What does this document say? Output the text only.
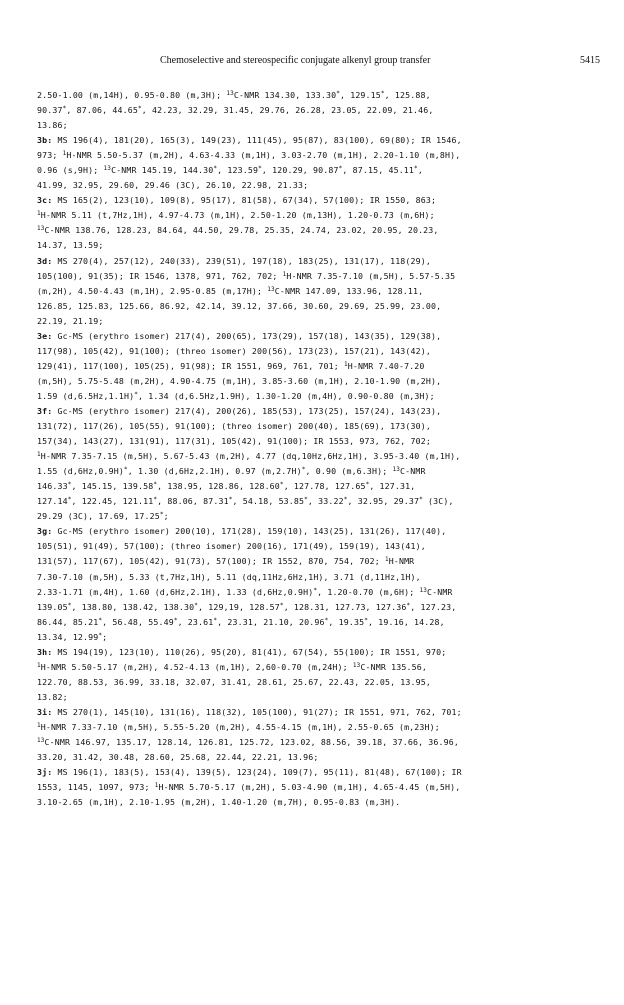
Chemoselective and stereospecific conjugate alkenyl group transfer	5415
2.50-1.00 (m,14H), 0.95-0.80 (m,3H); $^{13}$C-NMR 134.30, 133.30*, 129.15*, 125.88,
90.37*, 87.06, 44.65*, 42.23, 32.29, 31.45, 29.76, 26.28, 23.05, 22.09, 21.46,
13.86;
3b: MS 196(4), 181(20), 165(3), 149(23), 111(45), 95(87), 83(100), 69(80); IR 1546,
973; $^1$H-NMR 5.50-5.37 (m,2H), 4.63-4.33 (m,1H), 3.03-2.70 (m,1H), 2.20-1.10 (m,8H),
0.96 (s,9H); $^{13}$C-NMR 145.19, 144.30*, 123.59*, 120.29, 90.87*, 87.15, 45.11*,
41.99, 32.95, 29.60, 29.46 (3C), 26.10, 22.98, 21.33;
3c: MS 165(2), 123(10), 109(8), 95(17), 81(58), 67(34), 57(100); IR 1550, 863;
$^1$H-NMR 5.11 (t,7Hz,1H), 4.97-4.73 (m,1H), 2.50-1.20 (m,13H), 1.20-0.73 (m,6H);
$^{13}$C-NMR 138.76, 128.23, 84.64, 44.50, 29.78, 25.35, 24.74, 23.02, 20.95, 20.23,
14.37, 13.59;
3d: MS 270(4), 257(12), 240(33), 239(51), 197(18), 183(25), 131(17), 118(29),
105(100), 91(35); IR 1546, 1378, 971, 762, 702; $^1$H-NMR 7.35-7.10 (m,5H), 5.57-5.35
(m,2H), 4.50-4.43 (m,1H), 2.95-0.85 (m,17H); $^{13}$C-NMR 147.09, 133.96, 128.11,
126.85, 125.83, 125.66, 86.92, 42.14, 39.12, 37.66, 30.60, 29.69, 25.99, 23.00,
22.19, 21.19;
3e: Gc-MS (erythro isomer) 217(4), 200(65), 173(29), 157(18), 143(35), 129(38),
117(98), 105(42), 91(100); (threo isomer) 200(56), 173(23), 157(21), 143(42),
129(41), 117(100), 105(25), 91(98); IR 1551, 969, 761, 701; $^1$H-NMR 7.40-7.20
(m,5H), 5.75-5.48 (m,2H), 4.90-4.75 (m,1H), 3.85-3.60 (m,1H), 2.10-1.90 (m,2H),
1.59 (d,6.5Hz,1.1H)*, 1.34 (d,6.5Hz,1.9H), 1.30-1.20 (m,4H), 0.90-0.80 (m,3H);
3f: Gc-MS (erythro isomer) 217(4), 200(26), 185(53), 173(25), 157(24), 143(23),
131(72), 117(26), 105(55), 91(100); (threo isomer) 200(40), 185(69), 173(30),
157(34), 143(27), 131(91), 117(31), 105(42), 91(100); IR 1553, 973, 762, 702;
$^1$H-NMR 7.35-7.15 (m,5H), 5.67-5.43 (m,2H), 4.77 (dq,10Hz,6Hz,1H), 3.95-3.40 (m,1H),
1.55 (d,6Hz,0.9H)*, 1.30 (d,6Hz,2.1H), 0.97 (m,2.7H)*, 0.90 (m,6.3H); $^{13}$C-NMR
146.33*, 145.15, 139.58*, 138.95, 128.86, 128.60*, 127.78, 127.65*, 127.31,
127.14*, 122.45, 121.11*, 88.06, 87.31*, 54.18, 53.85*, 33.22*, 32.95, 29.37* (3C),
29.29 (3C), 17.69, 17.25*;
3g: Gc-MS (erythro isomer) 200(10), 171(28), 159(10), 143(25), 131(26), 117(40),
105(51), 91(49), 57(100); (threo isomer) 200(16), 171(49), 159(19), 143(41),
131(57), 117(67), 105(42), 91(73), 57(100); IR 1552, 870, 754, 702; $^1$H-NMR
7.30-7.10 (m,5H), 5.33 (t,7Hz,1H), 5.11 (dq,11Hz,6Hz,1H), 3.71 (d,11Hz,1H),
2.33-1.71 (m,4H), 1.60 (d,6Hz,2.1H), 1.33 (d,6Hz,0.9H)*, 1.20-0.70 (m,6H); $^{13}$C-NMR
139.05*, 138.80, 138.42, 138.30*, 129,19, 128.57*, 128.31, 127.73, 127.36*, 127.23,
86.44, 85.21*, 56.48, 55.49*, 23.61*, 23.31, 21.10, 20.96*, 19.35*, 19.16, 14.28,
13.34, 12.99*;
3h: MS 194(19), 123(10), 110(26), 95(20), 81(41), 67(54), 55(100); IR 1551, 970;
$^1$H-NMR 5.50-5.17 (m,2H), 4.52-4.13 (m,1H), 2,60-0.70 (m,24H); $^{13}$C-NMR 135.56,
122.70, 88.53, 36.99, 33.18, 32.07, 31.41, 28.61, 25.67, 22.43, 22.05, 13.95,
13.82;
3i: MS 270(1), 145(10), 131(16), 118(32), 105(100), 91(27); IR 1551, 971, 762, 701;
$^1$H-NMR 7.33-7.10 (m,5H), 5.55-5.20 (m,2H), 4.55-4.15 (m,1H), 2.55-0.65 (m,23H);
$^{13}$C-NMR 146.97, 135.17, 128.14, 126.81, 125.72, 123.02, 88.56, 39.18, 37.66, 36.96,
33.20, 31.42, 30.48, 28.60, 25.68, 22.44, 22.21, 13.96;
3j: MS 196(1), 183(5), 153(4), 139(5), 123(24), 109(7), 95(11), 81(48), 67(100); IR
1553, 1145, 1097, 973; $^1$H-NMR 5.70-5.17 (m,2H), 5.03-4.90 (m,1H), 4.65-4.45 (m,5H),
3.10-2.65 (m,1H), 2.10-1.95 (m,2H), 1.40-1.20 (m,7H), 0.95-0.83 (m,3H).
